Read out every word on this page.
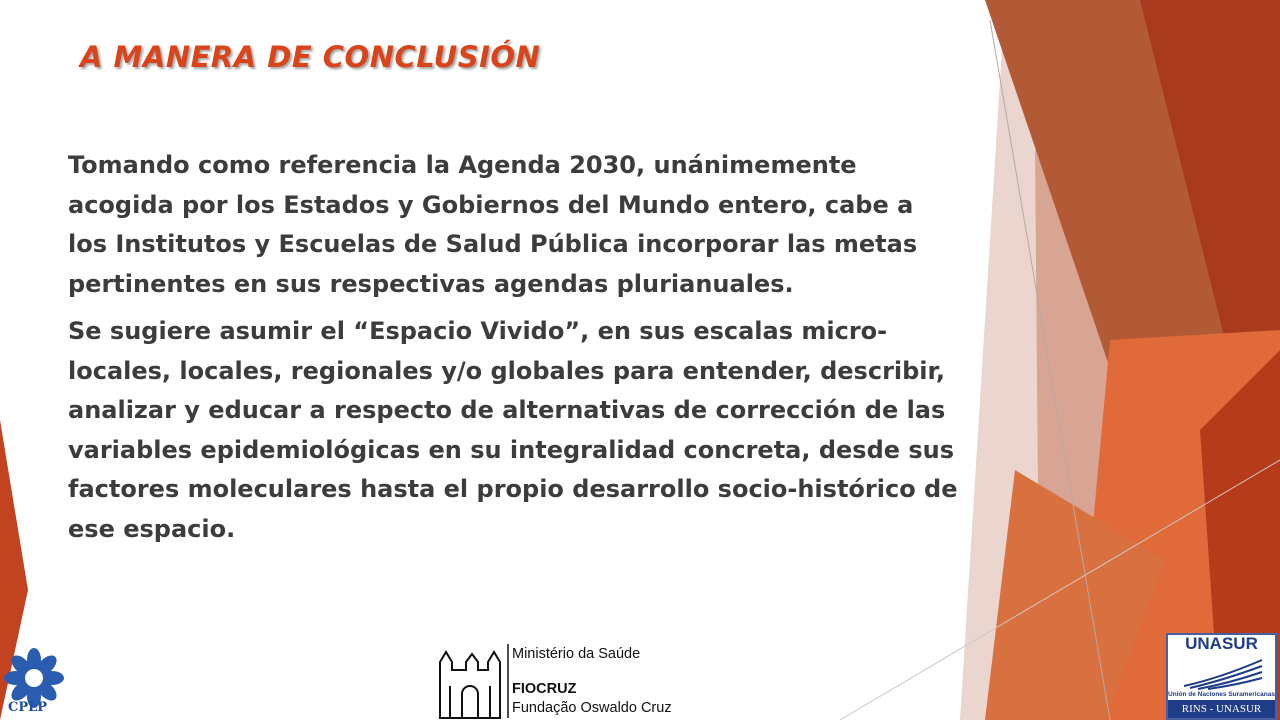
A MANERA DE CONCLUSIÓN

Tomando como referencia la Agenda 2030, unánimemente acogida por los Estados y Gobiernos del Mundo entero, cabe a los Institutos y Escuelas de Salud Pública incorporar las metas pertinentes en sus respectivas agendas plurianuales.

Se sugiere asumir el “Espacio Vivido”, en sus escalas micro-locales, locales, regionales y/o globales para entender, describir, analizar y educar a respecto de alternativas de corrección de las variables epidemiológicas en su integralidad concreta, desde sus factores moleculares hasta el propio desarrollo socio-histórico de ese espacio.

CPLP
Ministério da Saúde
FIOCRUZ
Fundação Oswaldo Cruz
UNASUR
Unión de Naciones Suramericanas
RINS - UNASUR
